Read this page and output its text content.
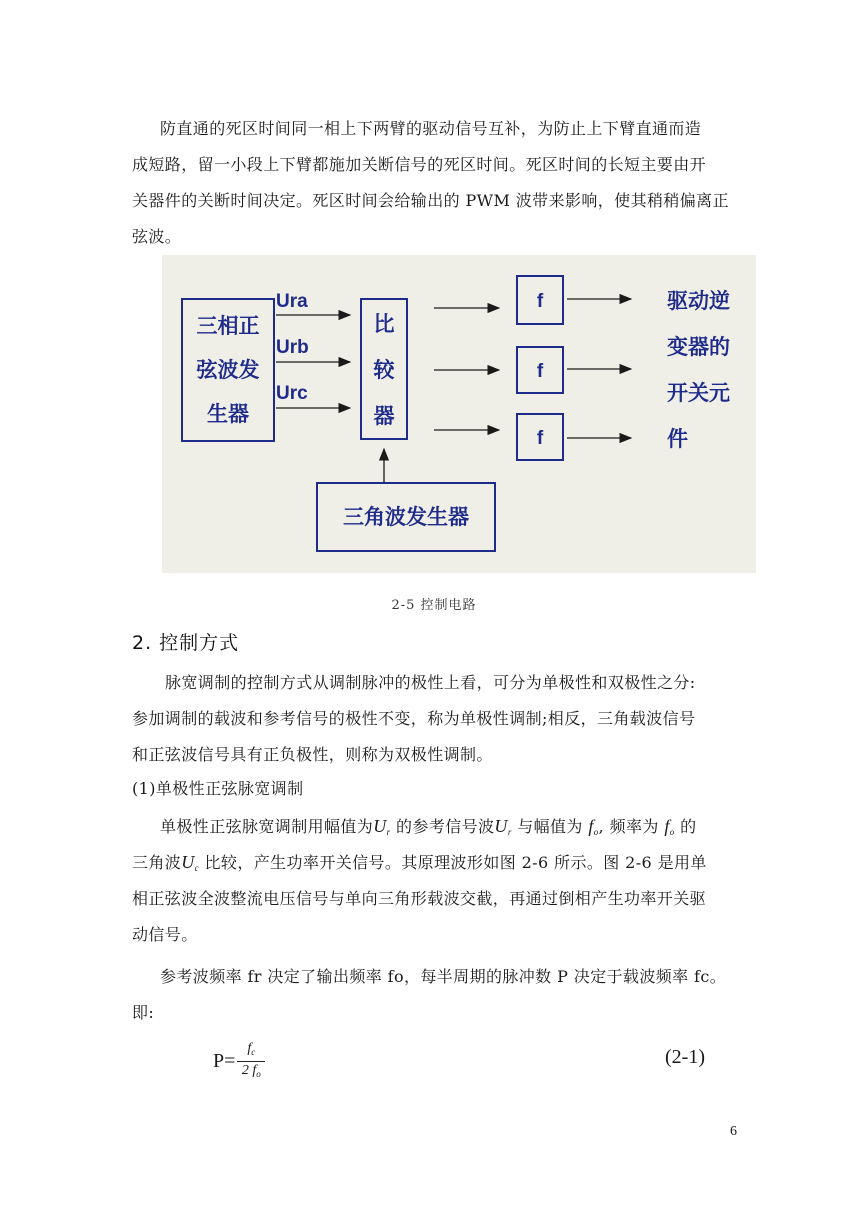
防直通的死区时间同一相上下两臂的驱动信号互补，为防止上下臂直通而造
成短路，留一小段上下臂都施加关断信号的死区时间。死区时间的长短主要由开
关器件的关断时间决定。死区时间会给输出的 PWM 波带来影响，使其稍稍偏离正
弦波。
三相正
弦波发
生器
Ura
Urb
Urc
比
较
器
f
f
f
驱动逆
变器的
开关元
件
三角波发生器
2-5 控制电路
2. 控制方式
脉宽调制的控制方式从调制脉冲的极性上看，可分为单极性和双极性之分:
参加调制的载波和参考信号的极性不变，称为单极性调制;相反，三角载波信号
和正弦波信号具有正负极性，则称为双极性调制。
(1)单极性正弦脉宽调制
单极性正弦脉宽调制用幅值为$U_r$ 的参考信号波$U_r$ 与幅值为 $f_o$, 频率为 $f_o$ 的
三角波$U_c$ 比较，产生功率开关信号。其原理波形如图 2-6 所示。图 2-6 是用单
相正弦波全波整流电压信号与单向三角形载波交截，再通过倒相产生功率开关驱
动信号。
参考波频率 fr 决定了输出频率 fo，每半周期的脉冲数 P 决定于载波频率 fc。
即:
$P= \frac{f_c}{2 f_o}$	(2-1)
6
